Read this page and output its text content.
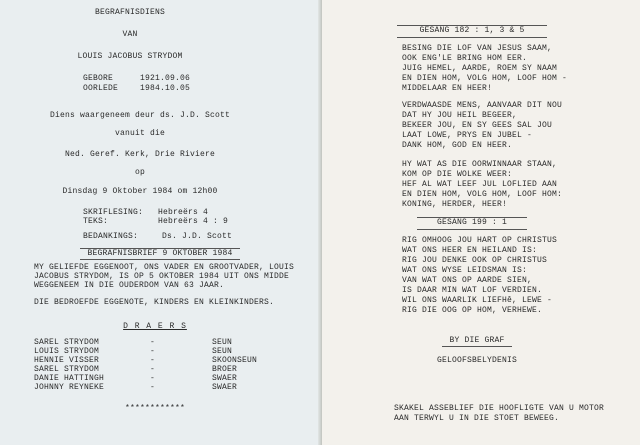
BEGRAFNISDIENS
VAN
LOUIS JACOBUS STRYDOM
GEBORE	1921.09.06
OORLEDE	1984.10.05
Diens waargeneem deur ds. J.D. Scott
vanuit die
Ned. Geref. Kerk, Drie Riviere
op
Dinsdag 9 Oktober 1984 om 12h00
SKRIFLESING: Hebreërs 4
TEKS:	Hebreërs 4 : 9
BEDANKINGS:	Ds. J.D. Scott
BEGRAFNISBRIEF 9 OKTOBER 1984
MY GELIEFDE EGGENOOT, ONS VADER EN GROOTVADER, LOUIS
JACOBUS STRYDOM, IS OP 5 OKTOBER 1984 UIT ONS MIDDE
WEGGENEEM IN DIE OUDERDOM VAN 63 JAAR.
DIE BEDROEFDE EGGENOTE, KINDERS EN KLEINKINDERS.
D R A E R S
SAREL STRYDOM	-	SEUN
LOUIS STRYDOM	-	SEUN
HENNIE VISSER	-	SKOONSEUN
SAREL STRYDOM	-	BROER
DANIE HATTINGH	-	SWAER
JOHNNY REYNEKE	-	SWAER
************
GESANG 182 : 1, 3 & 5
BESING DIE LOF VAN JESUS SAAM,
OOK ENG'LE BRING HOM EER.
JUIG HEMEL, AARDE, ROEM SY NAAM
EN DIEN HOM, VOLG HOM, LOOF HOM -
MIDDELAAR EN HEER!
VERDWAASDE MENS, AANVAAR DIT NOU
DAT HY JOU HEIL BEGEER,
BEKEER JOU, EN SY GEES SAL JOU
LAAT LOWE, PRYS EN JUBEL -
DANK HOM, GOD EN HEER.
HY WAT AS DIE OORWINNAAR STAAN,
KOM OP DIE WOLKE WEER:
HEF AL WAT LEEF JUL LOFLIED AAN
EN DIEN HOM, VOLG HOM, LOOF HOM:
KONING, HERDER, HEER!
GESANG 199 : 1
RIG OMHOOG JOU HART OP CHRISTUS
WAT ONS HEER EN HEILAND IS:
RIG JOU DENKE OOK OP CHRISTUS
WAT ONS WYSE LEIDSMAN IS:
VAN WAT ONS OP AARDE SIEN,
IS DAAR MIN WAT LOF VERDIEN.
WIL ONS WAARLIK LIEFHê, LEWE -
RIG DIE OOG OP HOM, VERHEWE.
BY DIE GRAF
GELOOFSBELYDENIS
SKAKEL ASSEBLIEF DIE HOOFLIGTE VAN U MOTOR
AAN TERWYL U IN DIE STOET BEWEEG.
